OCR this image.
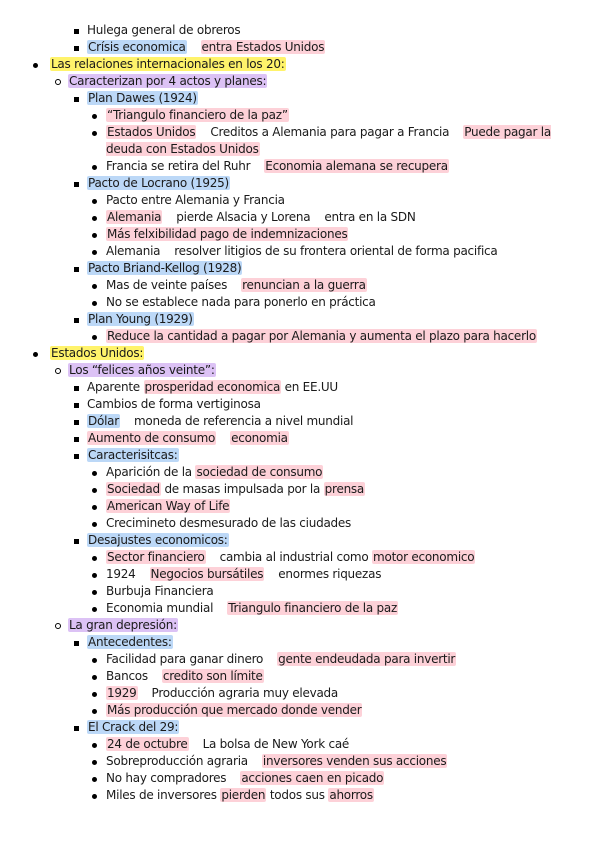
Hulega general de obreros
Crísis economica entra Estados Unidos
Las relaciones internacionales en los 20:
Caracterizan por 4 actos y planes:
Plan Dawes (1924)
“Triangulo financiero de la paz”
Estados Unidos Creditos a Alemania para pagar a Francia Puede pagar la deuda con Estados Unidos
Francia se retira del Ruhr Economia alemana se recupera
Pacto de Locrano (1925)
Pacto entre Alemania y Francia
Alemania pierde Alsacia y Lorena entra en la SDN
Más felxibilidad pago de indemnizaciones
Alemania resolver litigios de su frontera oriental de forma pacifica
Pacto Briand-Kellog (1928)
Mas de veinte países renuncian a la guerra
No se establece nada para ponerlo en práctica
Plan Young (1929)
Reduce la cantidad a pagar por Alemania y aumenta el plazo para hacerlo
Estados Unidos:
Los “felices años veinte”:
Aparente prosperidad economica en EE.UU
Cambios de forma vertiginosa
Dólar moneda de referencia a nivel mundial
Aumento de consumo economia
Caracterisitcas:
Aparición de la sociedad de consumo
Sociedad de masas impulsada por la prensa
American Way of Life
Crecimineto desmesurado de las ciudades
Desajustes economicos:
Sector financiero cambia al industrial como motor economico
1924 Negocios bursátiles enormes riquezas
Burbuja Financiera
Economia mundial Triangulo financiero de la paz
La gran depresión:
Antecedentes:
Facilidad para ganar dinero gente endeudada para invertir
Bancos credito son límite
1929 Producción agraria muy elevada
Más producción que mercado donde vender
El Crack del 29:
24 de octubre La bolsa de New York caé
Sobreproducción agraria inversores venden sus acciones
No hay compradores acciones caen en picado
Miles de inversores pierden todos sus ahorros
